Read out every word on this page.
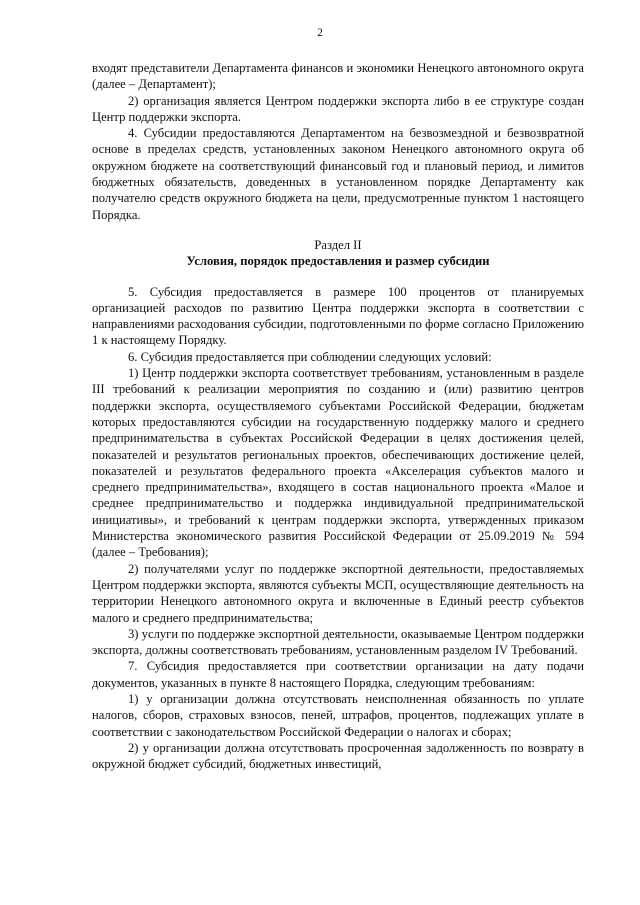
2

входят представители Департамента финансов и экономики Ненецкого автономного округа (далее – Департамент);

2) организация является Центром поддержки экспорта либо в ее структуре создан Центр поддержки экспорта.

4. Субсидии предоставляются Департаментом на безвозмездной и безвозвратной основе в пределах средств, установленных законом Ненецкого автономного округа об окружном бюджете на соответствующий финансовый год и плановый период, и лимитов бюджетных обязательств, доведенных в установленном порядке Департаменту как получателю средств окружного бюджета на цели, предусмотренные пунктом 1 настоящего Порядка.

Раздел II

Условия, порядок предоставления и размер субсидии

5. Субсидия предоставляется в размере 100 процентов от планируемых организацией расходов по развитию Центра поддержки экспорта в соответствии с направлениями расходования субсидии, подготовленными по форме согласно Приложению 1 к настоящему Порядку.

6. Субсидия предоставляется при соблюдении следующих условий:

1) Центр поддержки экспорта соответствует требованиям, установленным в разделе III требований к реализации мероприятия по созданию и (или) развитию центров поддержки экспорта, осуществляемого субъектами Российской Федерации, бюджетам которых предоставляются субсидии на государственную поддержку малого и среднего предпринимательства в субъектах Российской Федерации в целях достижения целей, показателей и результатов региональных проектов, обеспечивающих достижение целей, показателей и результатов федерального проекта «Акселерация субъектов малого и среднего предпринимательства», входящего в состав национального проекта «Малое и среднее предпринимательство и поддержка индивидуальной предпринимательской инициативы», и требований к центрам поддержки экспорта, утвержденных приказом Министерства экономического развития Российской Федерации от 25.09.2019 № 594 (далее – Требования);

2) получателями услуг по поддержке экспортной деятельности, предоставляемых Центром поддержки экспорта, являются субъекты МСП, осуществляющие деятельность на территории Ненецкого автономного округа и включенные в Единый реестр субъектов малого и среднего предпринимательства;

3) услуги по поддержке экспортной деятельности, оказываемые Центром поддержки экспорта, должны соответствовать требованиям, установленным разделом IV Требований.

7. Субсидия предоставляется при соответствии организации на дату подачи документов, указанных в пункте 8 настоящего Порядка, следующим требованиям:

1) у организации должна отсутствовать неисполненная обязанность по уплате налогов, сборов, страховых взносов, пеней, штрафов, процентов, подлежащих уплате в соответствии с законодательством Российской Федерации о налогах и сборах;

2) у организации должна отсутствовать просроченная задолженность по возврату в окружной бюджет субсидий, бюджетных инвестиций,
